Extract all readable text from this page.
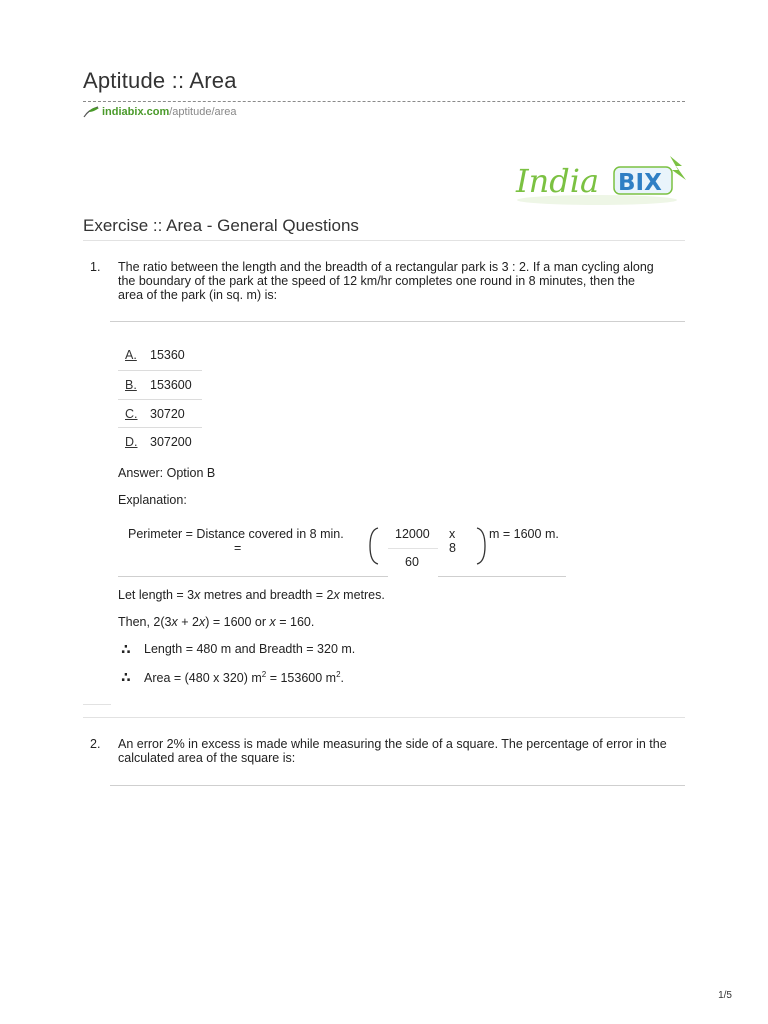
Aptitude :: Area
indiabix.com /aptitude/area
India BIX
Exercise :: Area - General Questions
1. The ratio between the length and the breadth of a rectangular park is 3 : 2. If a man cycling along
the boundary of the park at the speed of 12 km/hr completes one round in 8 minutes, then the
area of the park (in sq. m) is:
A. 15360
B. 153600
C. 30720
D. 307200
Answer: Option B
Explanation:
Perimeter = Distance covered in 8 min.
=
12000
60
x
8
m = 1600 m.
Let length = 3x metres and breadth = 2x metres.
Then, 2(3x + 2x) = 1600 or x = 160.
∴ Length = 480 m and Breadth = 320 m.
∴ Area = (480 x 320) $m^2 = 153600$ $m^2$.
2. An error 2% in excess is made while measuring the side of a square. The percentage of error in the
calculated area of the square is:
1/5
